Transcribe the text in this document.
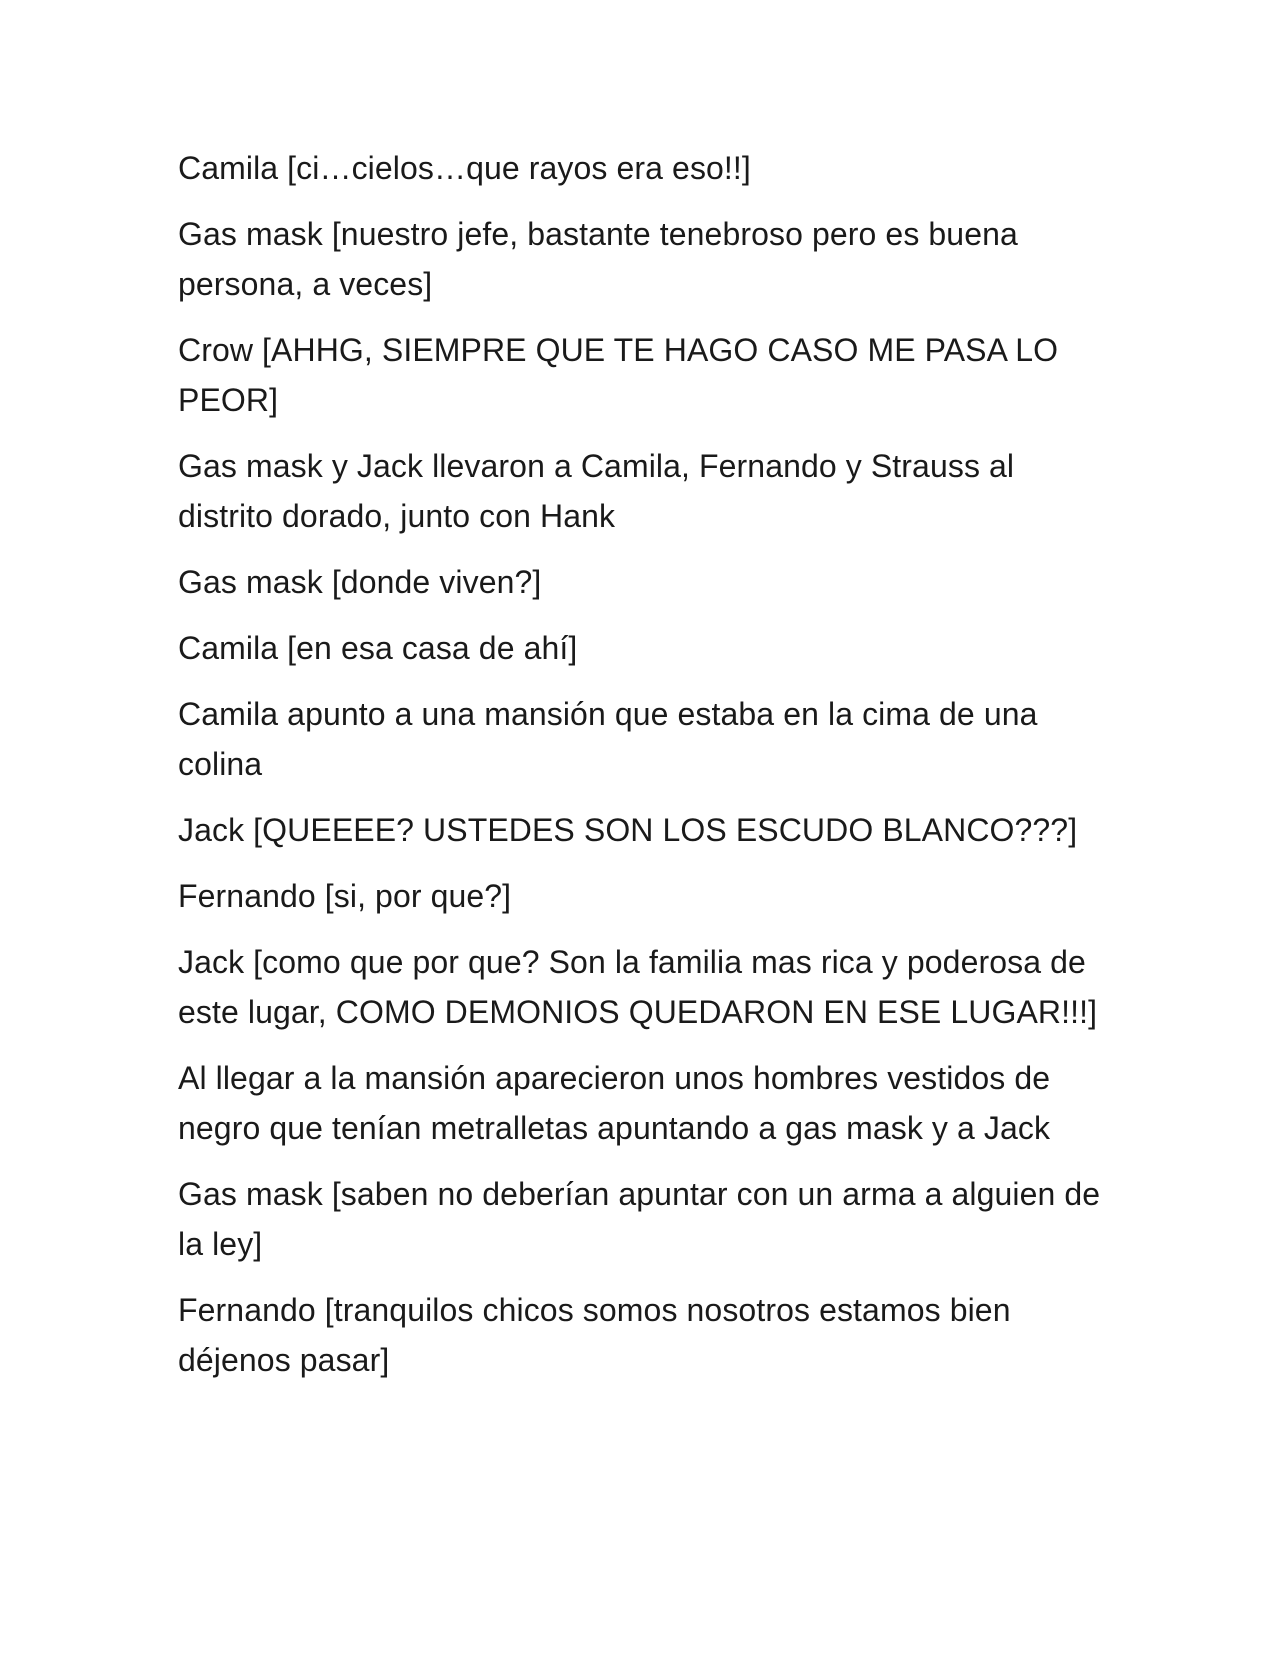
Camila [ci…cielos…que rayos era eso!!]

Gas mask [nuestro jefe, bastante tenebroso pero es buena persona, a veces]

Crow [AHHG, SIEMPRE QUE TE HAGO CASO ME PASA LO PEOR]

Gas mask y Jack llevaron a Camila, Fernando y Strauss al distrito dorado, junto con Hank

Gas mask [donde viven?]

Camila [en esa casa de ahí]

Camila apunto a una mansión que estaba en la cima de una colina

Jack [QUEEEE? USTEDES SON LOS ESCUDO BLANCO???]

Fernando [si, por que?]

Jack [como que por que? Son la familia mas rica y poderosa de este lugar, COMO DEMONIOS QUEDARON EN ESE LUGAR!!!]

Al llegar a la mansión aparecieron unos hombres vestidos de negro que tenían metralletas apuntando a gas mask y a Jack

Gas mask [saben no deberían apuntar con un arma a alguien de la ley]

Fernando [tranquilos chicos somos nosotros estamos bien déjenos pasar]
